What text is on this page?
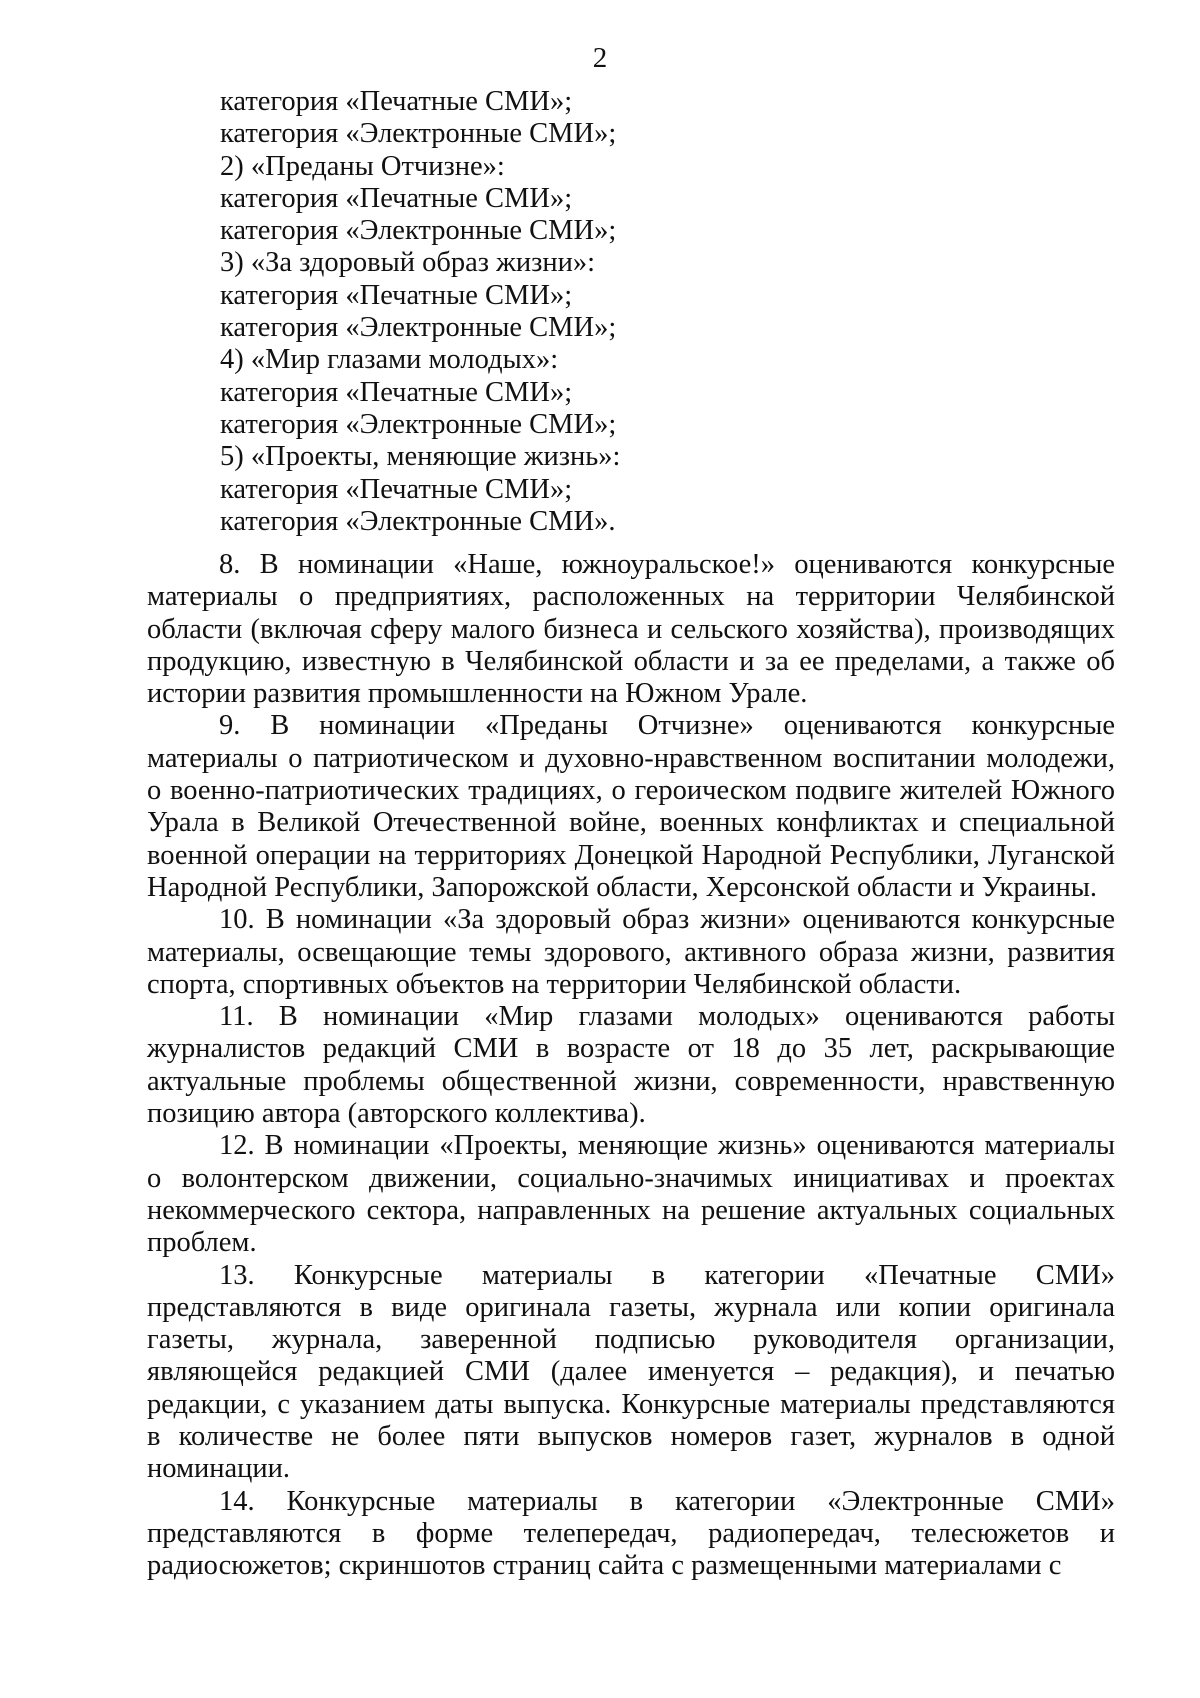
2
категория «Печатные СМИ»;
категория «Электронные СМИ»;
2) «Преданы Отчизне»:
категория «Печатные СМИ»;
категория «Электронные СМИ»;
3) «За здоровый образ жизни»:
категория «Печатные СМИ»;
категория «Электронные СМИ»;
4) «Мир глазами молодых»:
категория «Печатные СМИ»;
категория «Электронные СМИ»;
5) «Проекты, меняющие жизнь»:
категория «Печатные СМИ»;
категория «Электронные СМИ».

8. В номинации «Наше, южноуральское!» оцениваются конкурсные материалы о предприятиях, расположенных на территории Челябинской области (включая сферу малого бизнеса и сельского хозяйства), производящих продукцию, известную в Челябинской области и за ее пределами, а также об истории развития промышленности на Южном Урале.

9. В номинации «Преданы Отчизне» оцениваются конкурсные материалы о патриотическом и духовно-нравственном воспитании молодежи, о военно-патриотических традициях, о героическом подвиге жителей Южного Урала в Великой Отечественной войне, военных конфликтах и специальной военной операции на территориях Донецкой Народной Республики, Луганской Народной Республики, Запорожской области, Херсонской области и Украины.

10. В номинации «За здоровый образ жизни» оцениваются конкурсные материалы, освещающие темы здорового, активного образа жизни, развития спорта, спортивных объектов на территории Челябинской области.

11. В номинации «Мир глазами молодых» оцениваются работы журналистов редакций СМИ в возрасте от 18 до 35 лет, раскрывающие актуальные проблемы общественной жизни, современности, нравственную позицию автора (авторского коллектива).

12. В номинации «Проекты, меняющие жизнь» оцениваются материалы о волонтерском движении, социально-значимых инициативах и проектах некоммерческого сектора, направленных на решение актуальных социальных проблем.

13. Конкурсные материалы в категории «Печатные СМИ» представляются в виде оригинала газеты, журнала или копии оригинала газеты, журнала, заверенной подписью руководителя организации, являющейся редакцией СМИ (далее именуется – редакция), и печатью редакции, с указанием даты выпуска. Конкурсные материалы представляются в количестве не более пяти выпусков номеров газет, журналов в одной номинации.

14. Конкурсные материалы в категории «Электронные СМИ» представляются в форме телепередач, радиопередач, телесюжетов и радиосюжетов; скриншотов страниц сайта с размещенными материалами с
